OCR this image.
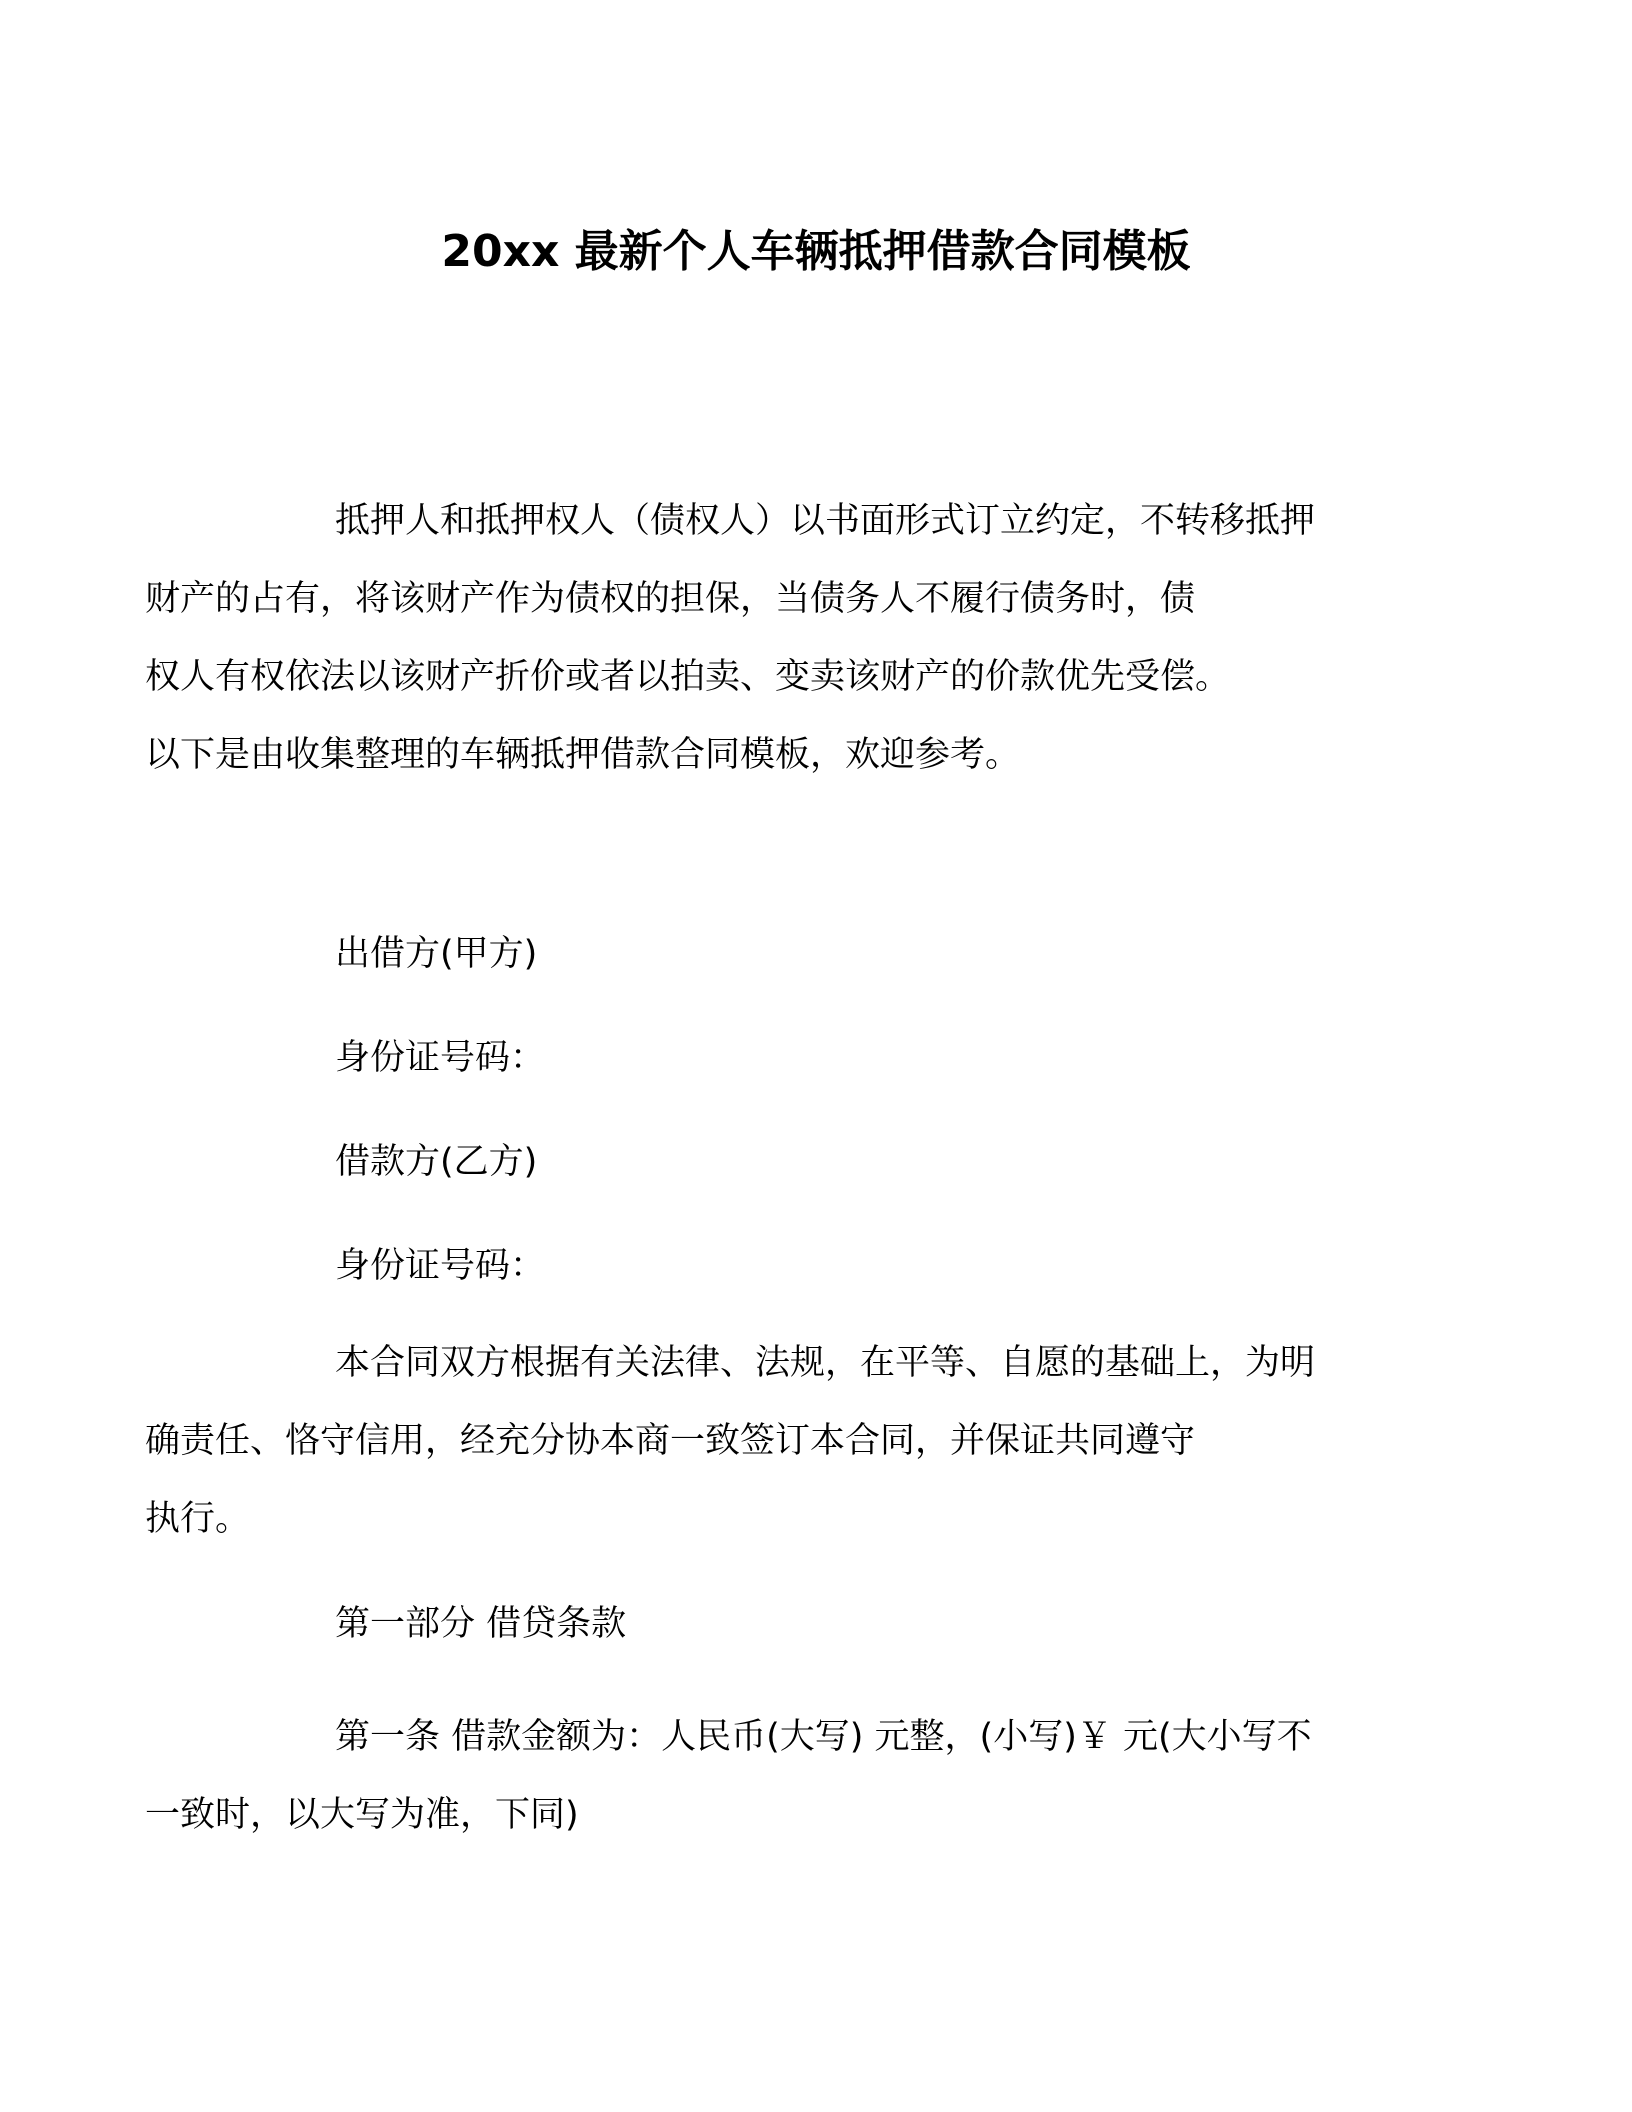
20xx 最新个人车辆抵押借款合同模板
抵押人和抵押权人（债权人）以书面形式订立约定，不转移抵押
财产的占有，将该财产作为债权的担保，当债务人不履行债务时，债
权人有权依法以该财产折价或者以拍卖、变卖该财产的价款优先受偿。
以下是由收集整理的车辆抵押借款合同模板，欢迎参考。
出借方(甲方)
身份证号码：
借款方(乙方)
身份证号码：
本合同双方根据有关法律、法规，在平等、自愿的基础上，为明
确责任、恪守信用，经充分协本商一致签订本合同，并保证共同遵守
执行。
第一部分 借贷条款
第一条 借款金额为：人民币(大写) 元整，(小写)￥ 元(大小写不
一致时，以大写为准，下同)
